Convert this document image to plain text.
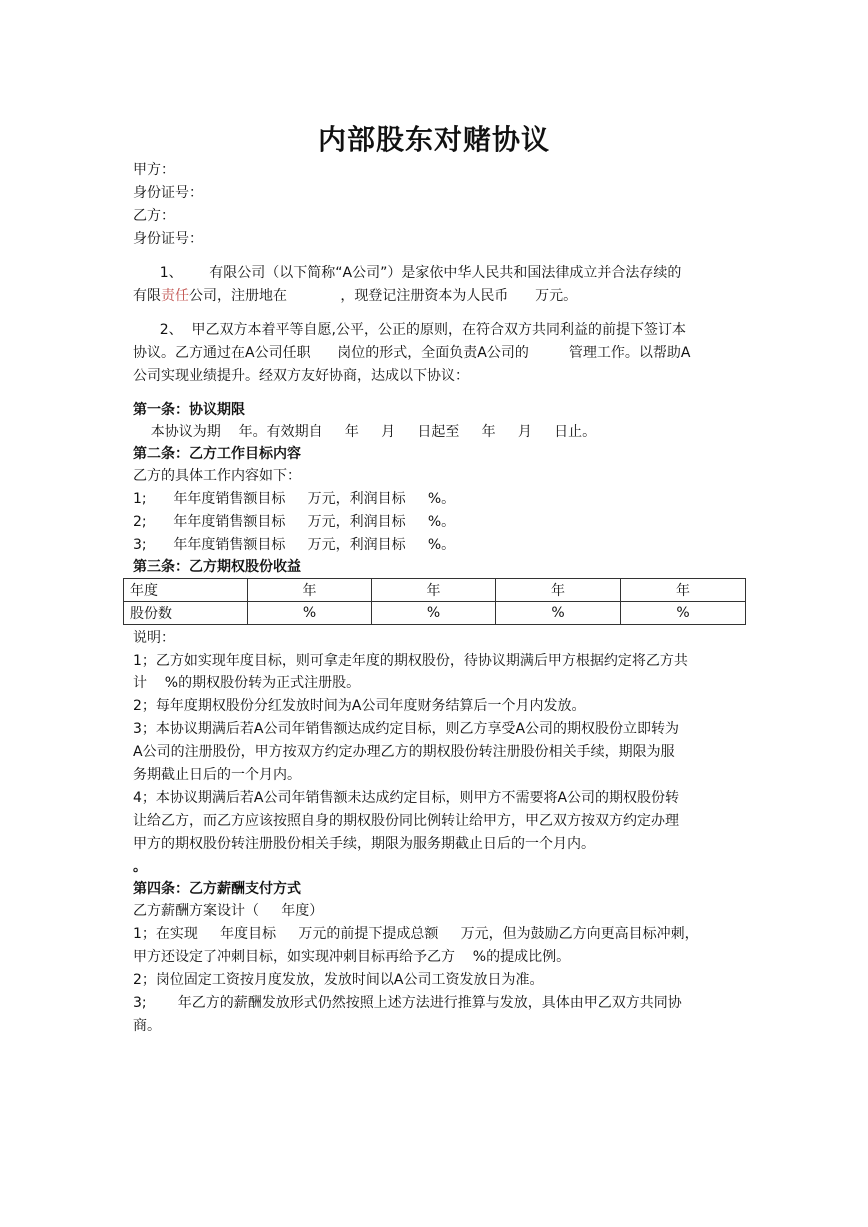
内部股东对赌协议
甲方：
身份证号：
乙方：
身份证号：
1、      有限公司（以下简称“A公司”）是家依中华人民共和国法律成立并合法存续的
有限责任公司，注册地在            ，现登记注册资本为人民币      万元。
2、  甲乙双方本着平等自愿,公平，公正的原则，在符合双方共同利益的前提下签订本
协议。乙方通过在A公司任职      岗位的形式，全面负责A公司的         管理工作。以帮助A
公司实现业绩提升。经双方友好协商，达成以下协议：
第一条：协议期限
本协议为期    年。有效期自     年     月     日起至     年     月     日止。
第二条：乙方工作目标内容
乙方的具体工作内容如下：
1;      年年度销售额目标     万元，利润目标     %。
2;      年年度销售额目标     万元，利润目标     %。
3;      年年度销售额目标     万元，利润目标     %。
第三条：乙方期权股份收益
年度	年	年	年	年
股份数	%	%	%	%
说明：
1；乙方如实现年度目标，则可拿走年度的期权股份，待协议期满后甲方根据约定将乙方共
计    %的期权股份转为正式注册股。
2；每年度期权股份分红发放时间为A公司年度财务结算后一个月内发放。
3；本协议期满后若A公司年销售额达成约定目标，则乙方享受A公司的期权股份立即转为
A公司的注册股份，甲方按双方约定办理乙方的期权股份转注册股份相关手续，期限为服
务期截止日后的一个月内。
4；本协议期满后若A公司年销售额未达成约定目标，则甲方不需要将A公司的期权股份转
让给乙方，而乙方应该按照自身的期权股份同比例转让给甲方，甲乙双方按双方约定办理
甲方的期权股份转注册股份相关手续，期限为服务期截止日后的一个月内。
。
第四条：乙方薪酬支付方式
乙方薪酬方案设计（     年度）
1；在实现     年度目标     万元的前提下提成总额     万元，但为鼓励乙方向更高目标冲刺，
甲方还设定了冲刺目标，如实现冲刺目标再给予乙方    %的提成比例。
2；岗位固定工资按月度发放，发放时间以A公司工资发放日为准。
3;       年乙方的薪酬发放形式仍然按照上述方法进行推算与发放，具体由甲乙双方共同协
商。
